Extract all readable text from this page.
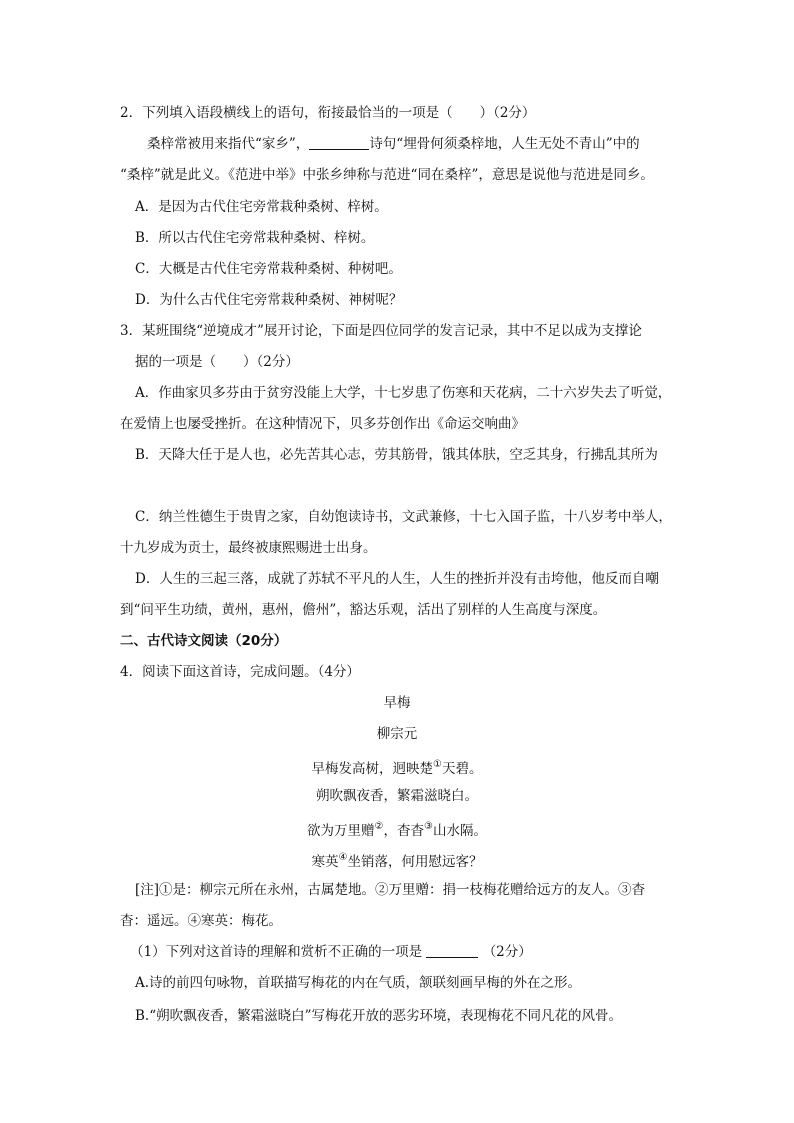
2．下列填入语段横线上的语句，衔接最恰当的一项是（　　）（2分）
桑梓常被用来指代“家乡”，	诗句“埋骨何须桑梓地，人生无处不青山”中的
“桑梓”就是此义。《范进中举》中张乡绅称与范进“同在桑梓”，意思是说他与范进是同乡。
A．是因为古代住宅旁常栽种桑树、梓树。
B．所以古代住宅旁常栽种桑树、梓树。
C．大概是古代住宅旁常栽种桑树、种树吧。
D．为什么古代住宅旁常栽种桑树、神树呢？
3．某班围绕“逆境成才”展开讨论，下面是四位同学的发言记录，其中不足以成为支撑论
据的一项是（　　）（2分）
A．作曲家贝多芬由于贫穷没能上大学，十七岁患了伤寒和天花病，二十六岁失去了听觉，
在爱情上也屡受挫折。在这种情况下，贝多芬创作出《命运交响曲》
B．天降大任于是人也，必先苦其心志，劳其筋骨，饿其体肤，空乏其身，行拂乱其所为
C．纳兰性德生于贵胄之家，自幼饱读诗书，文武兼修，十七入国子监，十八岁考中举人，
十九岁成为贡士，最终被康熙赐进士出身。
D．人生的三起三落，成就了苏轼不平凡的人生，人生的挫折并没有击垮他，他反而自嘲
到“问平生功绩，黄州，惠州，儋州”，豁达乐观，活出了别样的人生高度与深度。
二、古代诗文阅读（20分）
4．阅读下面这首诗，完成问题。（4分）
早梅
柳宗元
早梅发高树，迥映楚①天碧。
朔吹飘夜香，繁霜滋晓白。
欲为万里赠②，杳杳③山水隔。
寒英④坐销落，何用慰远客？
[注]①是：柳宗元所在永州，古属楚地。②万里赠：捐一枝梅花赠给远方的友人。③杳
杳：遥远。④寒英：梅花。
（1）下列对这首诗的理解和赏析不正确的一项是	（2分）
A.诗的前四句咏物，首联描写梅花的内在气质，颔联刻画早梅的外在之形。
B.“朔吹飘夜香，繁霜滋晓白”写梅花开放的恶劣环境，表现梅花不同凡花的风骨。
